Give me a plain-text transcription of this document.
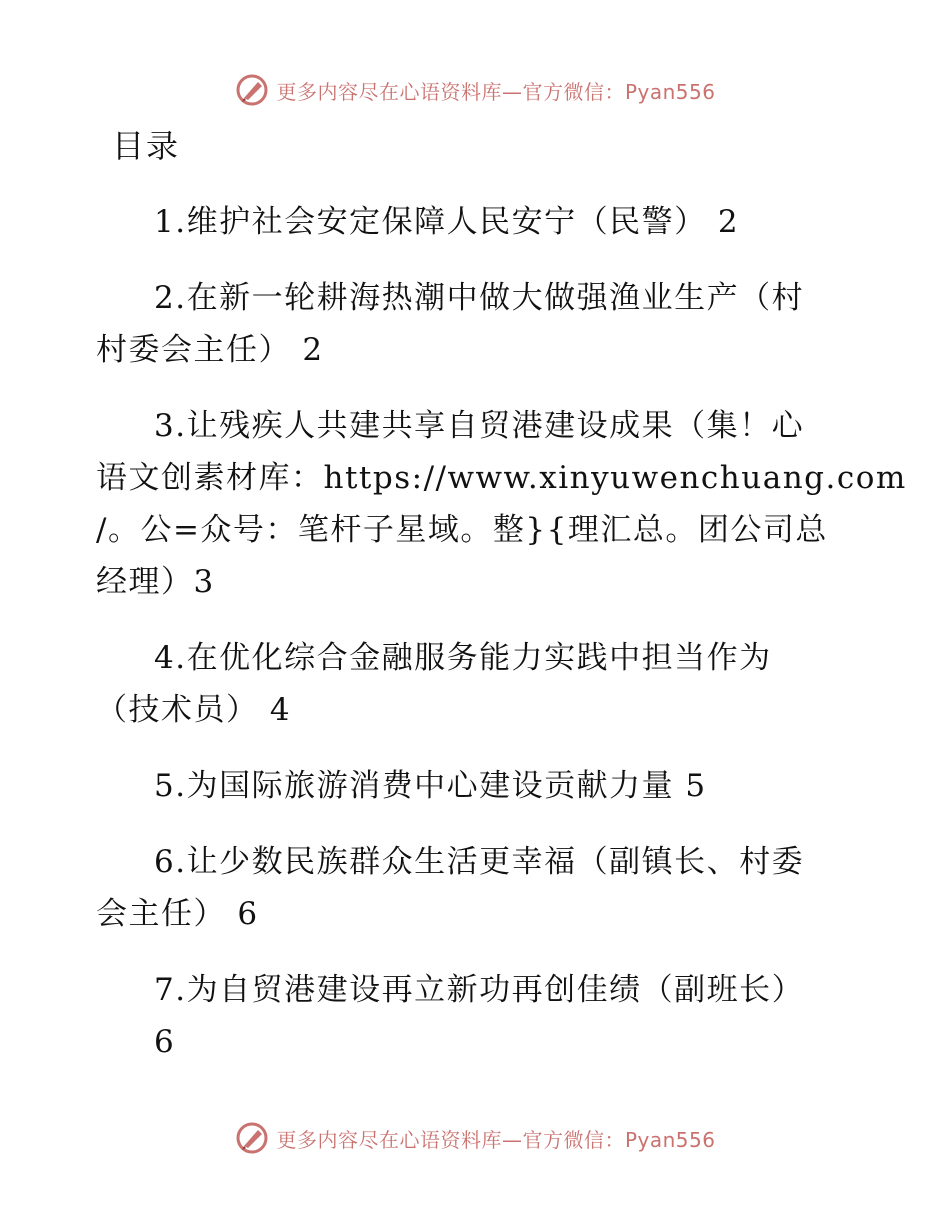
更多内容尽在心语资料库—官方微信：Pyan556
目录
1.维护社会安定保障人民安宁（民警） 2
2.在新一轮耕海热潮中做大做强渔业生产（村
村委会主任） 2
3.让残疾人共建共享自贸港建设成果（集！心
语文创素材库：https://www.xinyuwenchuang.com
/。公=众号：笔杆子星域。整}{理汇总。团公司总
经理）3
4.在优化综合金融服务能力实践中担当作为
（技术员） 4
5.为国际旅游消费中心建设贡献力量 5
6.让少数民族群众生活更幸福（副镇长、村委
会主任） 6
7.为自贸港建设再立新功再创佳绩（副班长）
6
更多内容尽在心语资料库—官方微信：Pyan556
